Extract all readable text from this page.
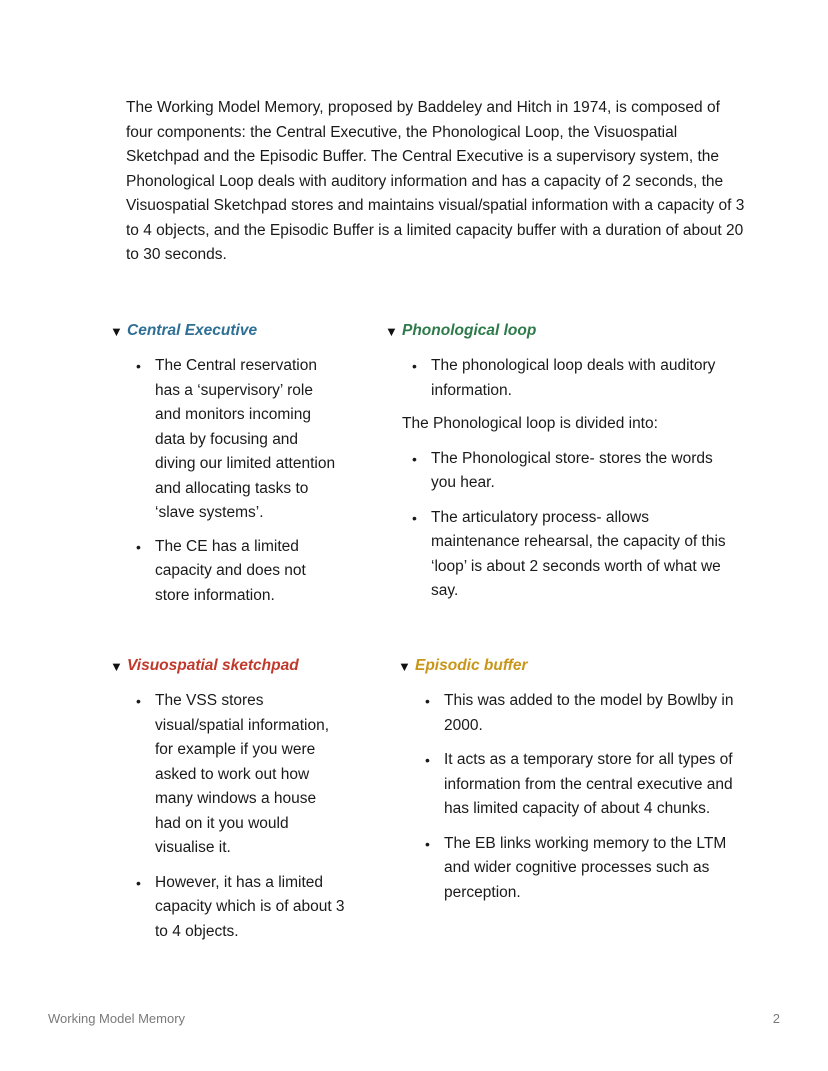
The Working Model Memory, proposed by Baddeley and Hitch in 1974, is composed of four components: the Central Executive, the Phonological Loop, the Visuospatial Sketchpad and the Episodic Buffer. The Central Executive is a supervisory system, the Phonological Loop deals with auditory information and has a capacity of 2 seconds, the Visuospatial Sketchpad stores and maintains visual/spatial information with a capacity of 3 to 4 objects, and the Episodic Buffer is a limited capacity buffer with a duration of about 20 to 30 seconds.

▼ Central Executive
• The Central reservation has a ‘supervisory’ role and monitors incoming data by focusing and diving our limited attention and allocating tasks to ‘slave systems’.
• The CE has a limited capacity and does not store information.
▼ Phonological loop
• The phonological loop deals with auditory information.

The Phonological loop is divided into:

• The Phonological store- stores the words you hear.
• The articulatory process- allows maintenance rehearsal, the capacity of this ‘loop’ is about 2 seconds worth of what we say.
▼ Visuospatial sketchpad
• The VSS stores visual/spatial information, for example if you were asked to work out how many windows a house had on it you would visualise it.
• However, it has a limited capacity which is of about 3 to 4 objects.
▼ Episodic buffer
• This was added to the model by Bowlby in 2000.
• It acts as a temporary store for all types of information from the central executive and has limited capacity of about 4 chunks.
• The EB links working memory to the LTM and wider cognitive processes such as perception.
Working Model Memory	2
